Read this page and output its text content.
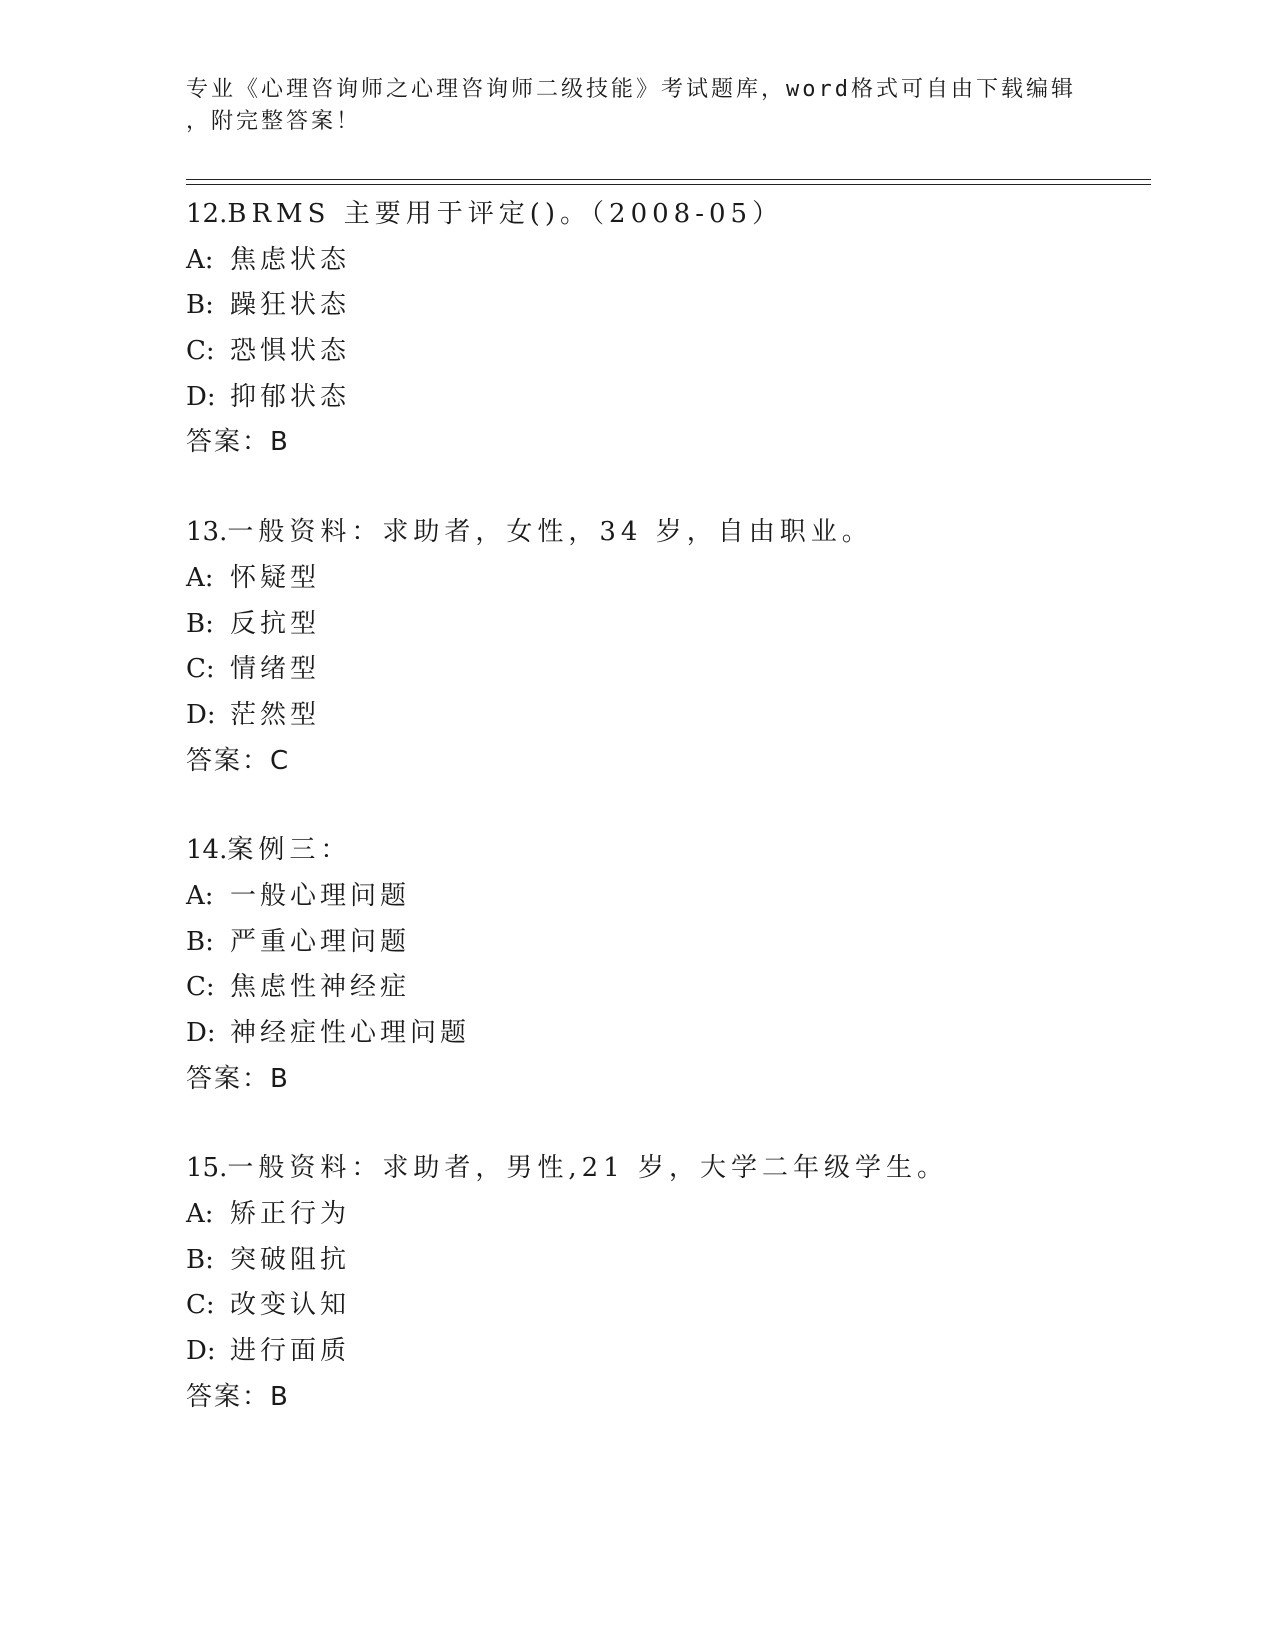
专业《心理咨询师之心理咨询师二级技能》考试题库，word格式可自由下载编辑
，附完整答案！
12.BRMS 主要用于评定()。（2008-05）
A: 焦虑状态
B: 躁狂状态
C: 恐惧状态
D: 抑郁状态
答案：B
13.一般资料：求助者，女性，34 岁，自由职业。
A: 怀疑型
B: 反抗型
C: 情绪型
D: 茫然型
答案：C
14.案例三：
A: 一般心理问题
B: 严重心理问题
C: 焦虑性神经症
D: 神经症性心理问题
答案：B
15.一般资料：求助者，男性,21 岁，大学二年级学生。
A: 矫正行为
B: 突破阻抗
C: 改变认知
D: 进行面质
答案：B
